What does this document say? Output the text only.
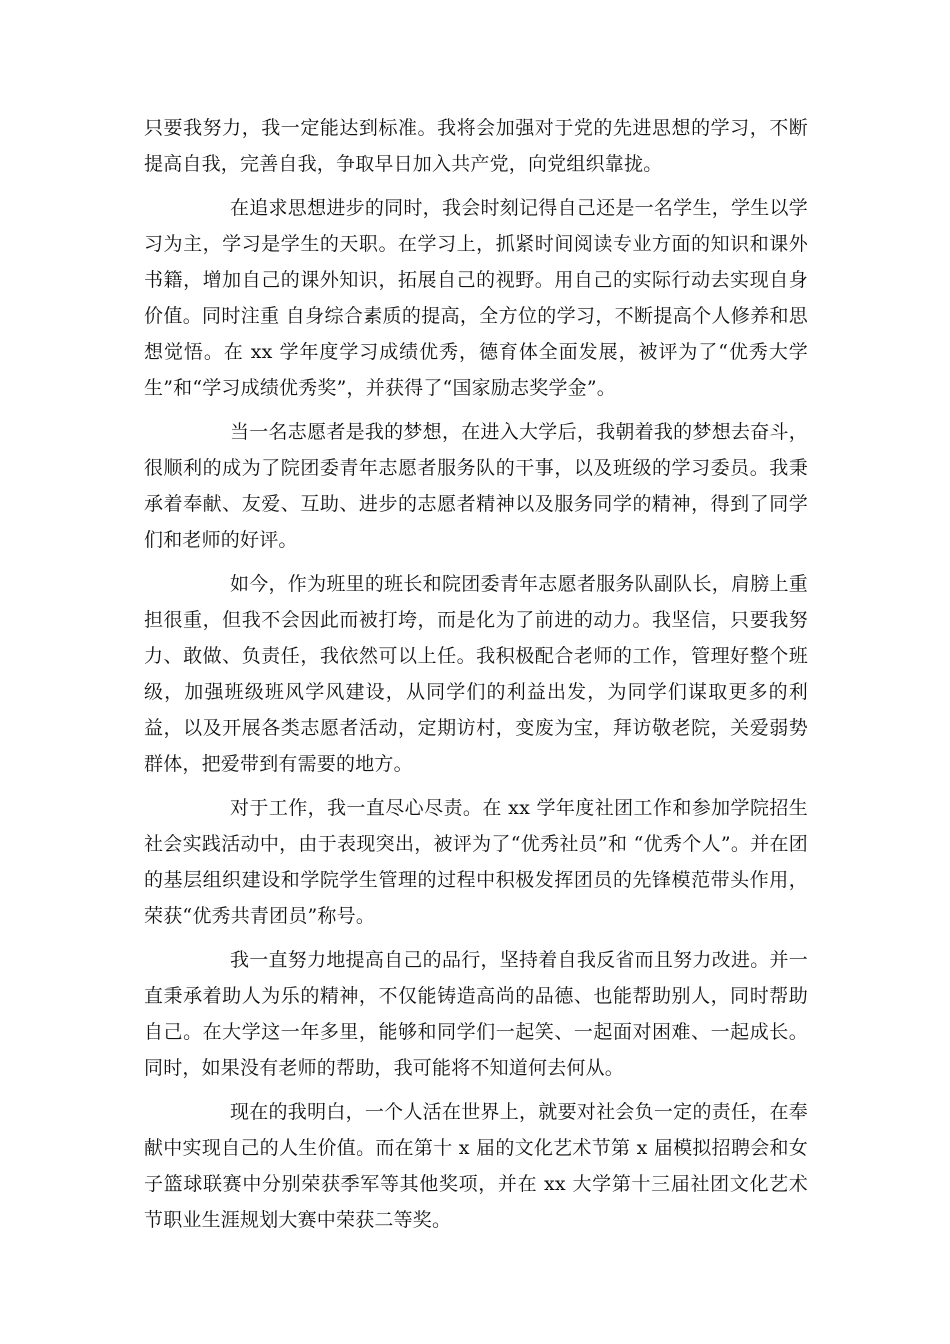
只要我努力，我一定能达到标准。我将会加强对于党的先进思想的学习，不断提高自我，完善自我，争取早日加入共产党，向党组织靠拢。

在追求思想进步的同时，我会时刻记得自己还是一名学生，学生以学习为主，学习是学生的天职。在学习上，抓紧时间阅读专业方面的知识和课外书籍，增加自己的课外知识，拓展自己的视野。用自己的实际行动去实现自身价值。同时注重 自身综合素质的提高，全方位的学习，不断提高个人修养和思想觉悟。在 xx 学年度学习成绩优秀，德育体全面发展，被评为了“优秀大学生”和“学习成绩优秀奖”，并获得了“国家励志奖学金”。

当一名志愿者是我的梦想，在进入大学后，我朝着我的梦想去奋斗，很顺利的成为了院团委青年志愿者服务队的干事，以及班级的学习委员。我秉承着奉献、友爱、互助、进步的志愿者精神以及服务同学的精神，得到了同学们和老师的好评。

如今，作为班里的班长和院团委青年志愿者服务队副队长，肩膀上重担很重，但我不会因此而被打垮，而是化为了前进的动力。我坚信，只要我努力、敢做、负责任，我依然可以上任。我积极配合老师的工作，管理好整个班级，加强班级班风学风建设，从同学们的利益出发，为同学们谋取更多的利益，以及开展各类志愿者活动，定期访村，变废为宝，拜访敬老院，关爱弱势群体，把爱带到有需要的地方。

对于工作，我一直尽心尽责。在 xx 学年度社团工作和参加学院招生社会实践活动中，由于表现突出，被评为了“优秀社员”和 “优秀个人”。并在团的基层组织建设和学院学生管理的过程中积极发挥团员的先锋模范带头作用，荣获“优秀共青团员”称号。

我一直努力地提高自己的品行，坚持着自我反省而且努力改进。并一直秉承着助人为乐的精神，不仅能铸造高尚的品德、也能帮助别人，同时帮助自己。在大学这一年多里，能够和同学们一起笑、一起面对困难、一起成长。同时，如果没有老师的帮助，我可能将不知道何去何从。

现在的我明白，一个人活在世界上，就要对社会负一定的责任，在奉献中实现自己的人生价值。而在第十 x 届的文化艺术节第 x 届模拟招聘会和女子篮球联赛中分别荣获季军等其他奖项，并在 xx 大学第十三届社团文化艺术节职业生涯规划大赛中荣获二等奖。
